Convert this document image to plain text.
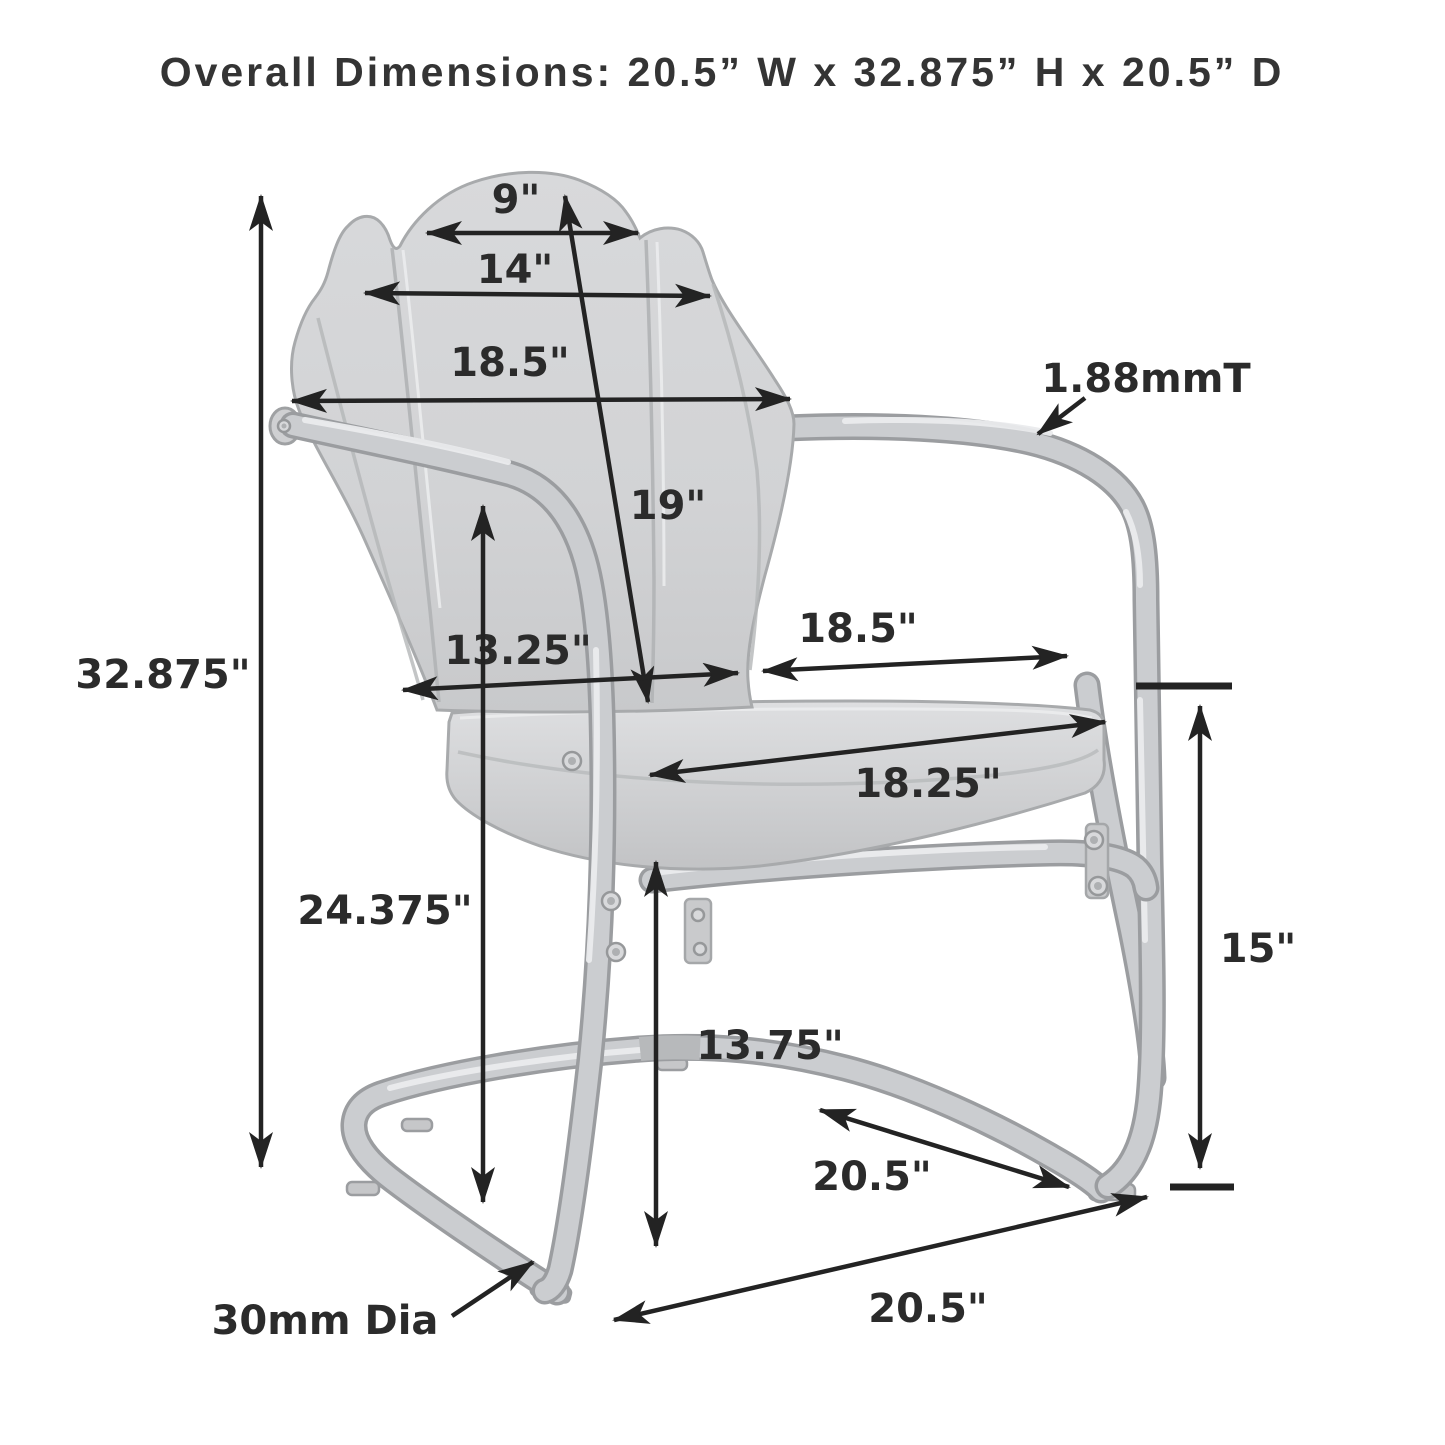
9"
14"
18.5"
19"
1.88mmT
32.875"
13.25"	18.5"
18.25"
24.375"
13.75"
15"
20.5"
20.5"
30mm Dia
Overall Dimensions: 20.5” W x 32.875” H x 20.5” D
